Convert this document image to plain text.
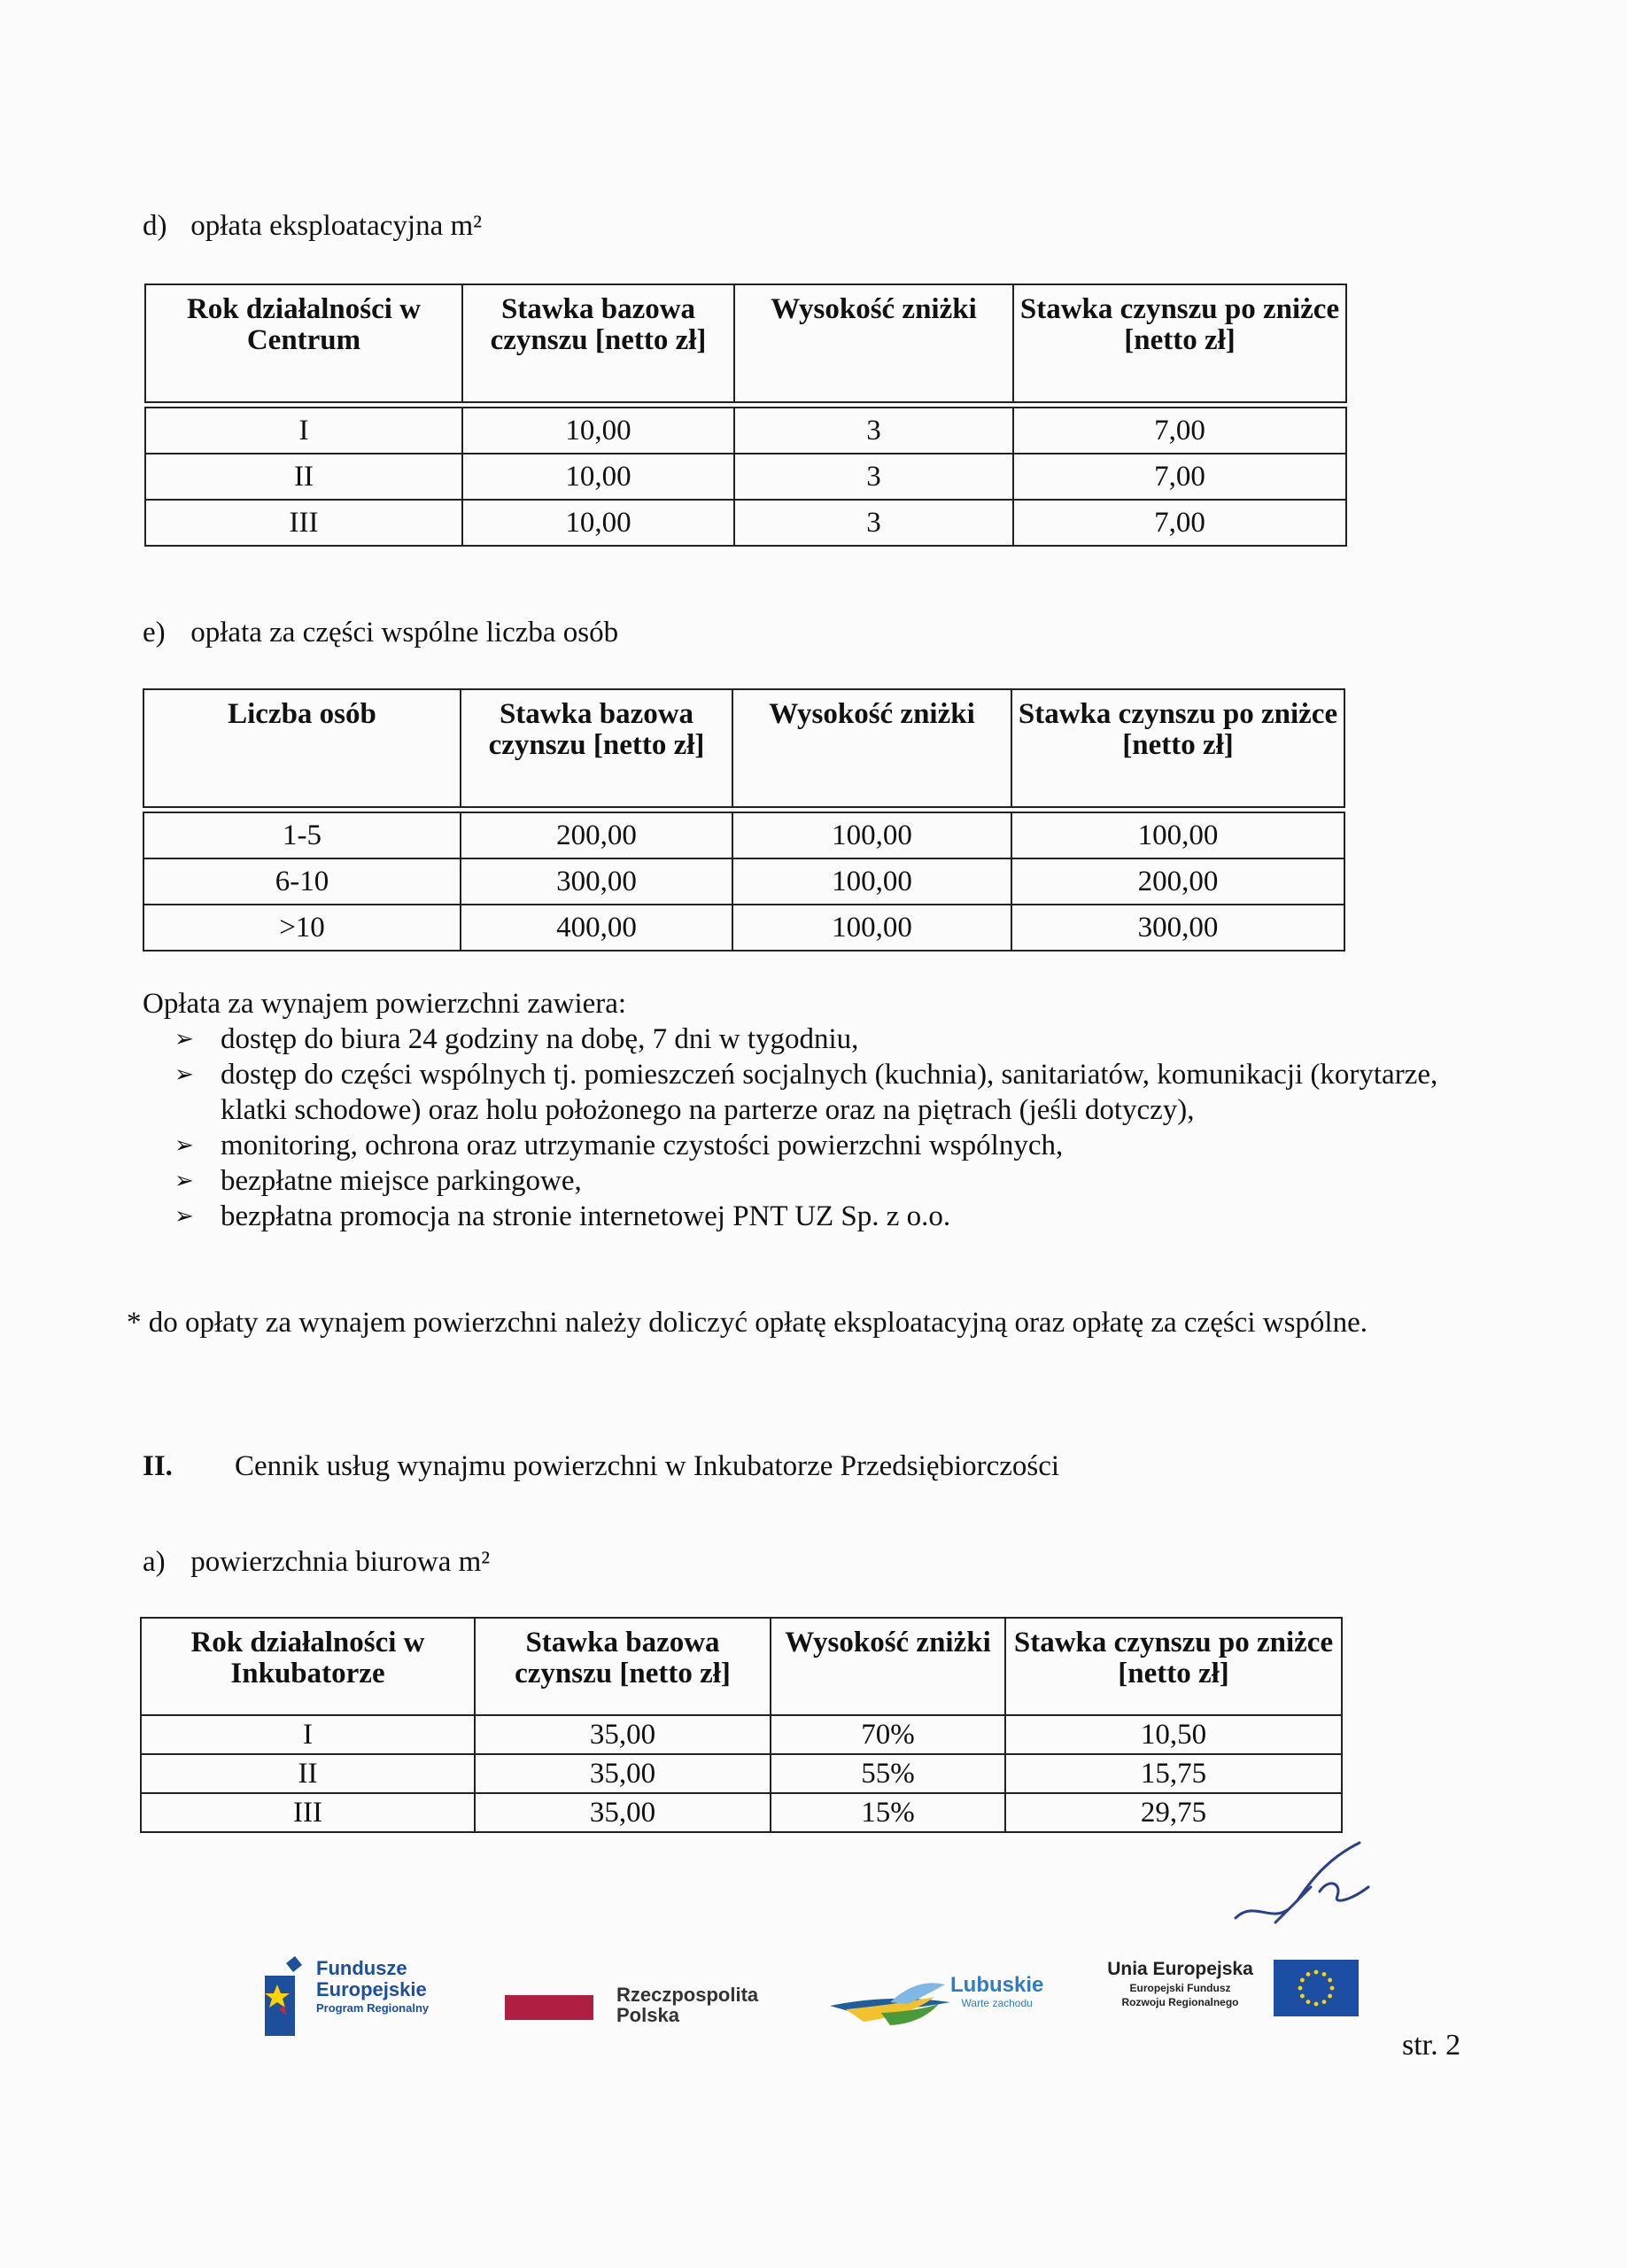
d) opłata eksploatacyjna m²
Rok działalności w Centrum	Stawka bazowa czynszu [netto zł]	Wysokość zniżki	Stawka czynszu po zniżce [netto zł]

I	10,00	3	7,00
II	10,00	3	7,00
III	10,00	3	7,00
e) opłata za części wspólne liczba osób
Liczba osób	Stawka bazowa czynszu [netto zł]	Wysokość zniżki	Stawka czynszu po zniżce [netto zł]

1-5	200,00	100,00	100,00
6-10	300,00	100,00	200,00
>10	400,00	100,00	300,00
Opłata za wynajem powierzchni zawiera:
➢ dostęp do biura 24 godziny na dobę, 7 dni w tygodniu,
➢ dostęp do części wspólnych tj. pomieszczeń socjalnych (kuchnia), sanitariatów, komunikacji (korytarze, klatki schodowe) oraz holu położonego na parterze oraz na piętrach (jeśli dotyczy),
➢ monitoring, ochrona oraz utrzymanie czystości powierzchni wspólnych,
➢ bezpłatne miejsce parkingowe,
➢ bezpłatna promocja na stronie internetowej PNT UZ Sp. z o.o.
* do opłaty za wynajem powierzchni należy doliczyć opłatę eksploatacyjną oraz opłatę za części wspólne.
II. Cennik usług wynajmu powierzchni w Inkubatorze Przedsiębiorczości
a) powierzchnia biurowa m²
Rok działalności w Inkubatorze	Stawka bazowa czynszu [netto zł]	Wysokość zniżki	Stawka czynszu po zniżce [netto zł]
I	35,00	70%	10,50
II	35,00	55%	15,75
III	35,00	15%	29,75
Fundusze
Europejskie
Program Regionalny
Rzeczpospolita
Polska
Lubuskie
Warte zachodu
Unia Europejska
Europejski Fundusz
Rozwoju Regionalnego
str. 2
